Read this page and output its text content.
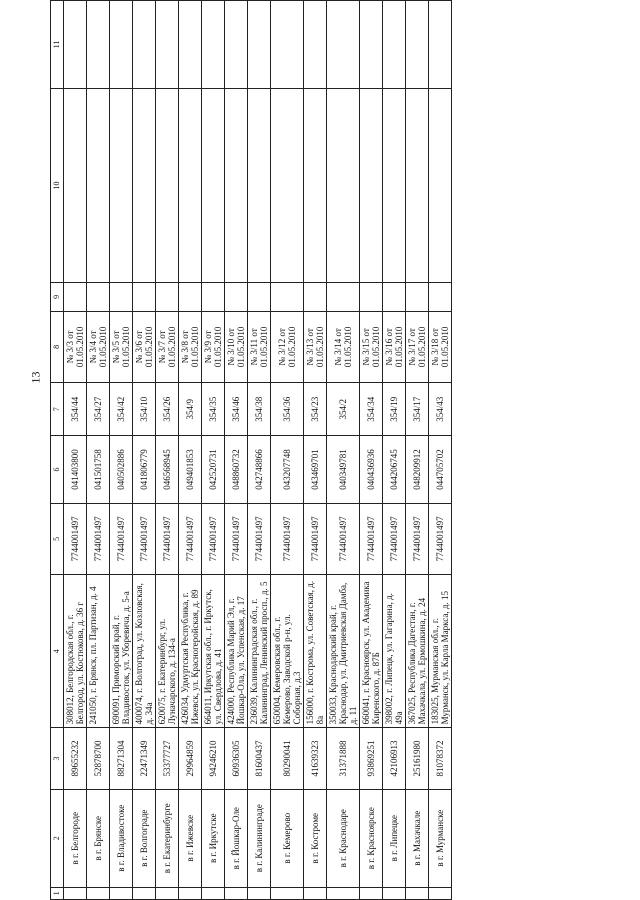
13
1	2	3	4	5	6	7	8	9	10	11
	в г. Белгороде	89655232	308012, Белгородская обл., г. Белгород, ул. Костюкова, д. 36 г	7744001497	041403800	354/44	№ 3/3 от 01.05.2010			
	в г. Брянске	52878700	241050, г. Брянск, пл. Партизан, д. 4	7744001497	041501758	354/27	№ 3/4 от 01.05.2010			
	в г. Владивостоке	88271304	690091, Приморский край, г. Владивосток, ул. Уборевича, д. 5-а	7744001497	040502886	354/42	№ 3/5 от 01.05.2010			
	в г. Волгограде	22471349	400074, г. Волгоград, ул. Козловская, д. 34а	7744001497	041806779	354/10	№ 3/6 от 01.05.2010			
	в г. Екатеринбурге	53377727	620075, г. Екатеринбург, ул. Луначарского, д. 134-а	7744001497	046568945	354/26	№ 3/7 от 01.05.2010			
	в г. Ижевске	29964859	426034, Удмуртская Республика, г. Ижевск, ул. Красногеройская, д. 89	7744001497	049401853	354/9	№ 3/8 от 01.05.2010			
	в г. Иркутске	94246210	664011, Иркутская обл., г. Иркутск, ул. Свердлова, д. 41	7744001497	042520731	354/35	№ 3/9 от 01.05.2010			
	в г. Йошкар-Оле	60936305	424000, Республика Марий Эл, г. Йошкар-Ола, ул. Успенская, д. 17	7744001497	048860732	354/46	№ 3/10 от 01.05.2010			
	в г. Калининграде	81600437	236039, Калининградская обл., г. Калининград, Ленинский просп., д. 5	7744001497	042748866	354/38	№ 3/11 от 01.05.2010			
	в г. Кемерово	80290041	650004, Кемеровская обл., г. Кемерово, Заводской р-н, ул. Соборная, д.3	7744001497	043207748	354/36	№ 3/12 от 01.05.2010			
	в г. Костроме	41639323	156000, г. Кострома, ул. Советская, д. 8а	7744001497	043469701	354/23	№ 3/13 от 01.05.2010			
	в г. Краснодаре	31371888	350033, Краснодарский край, г. Краснодар, ул. Дмитриевская Дамба, д. 11	7744001497	040349781	354/2	№ 3/14 от 01.05.2010			
	в г. Красноярске	93869251	660041, г. Красноярск, ул. Академика Киренского, д. 87Б	7744001497	040436936	354/34	№ 3/15 от 01.05.2010			
	в г. Липецке	42106913	398002, г. Липецк, ул. Гагарина, д. 49а	7744001497	044206745	354/19	№ 3/16 от 01.05.2010			
	в г. Махачкале	25161980	367025, Республика Дагестан, г. Махачкала, ул. Ермошкина, д. 24	7744001497	048209912	354/17	№ 3/17 от 01.05.2010			
	в г. Мурманске	81078372	183025, Мурманская обл., г. Мурманск, ул. Карла Маркса, д. 15	7744001497	044705702	354/43	№ 3/18 от 01.05.2010			
